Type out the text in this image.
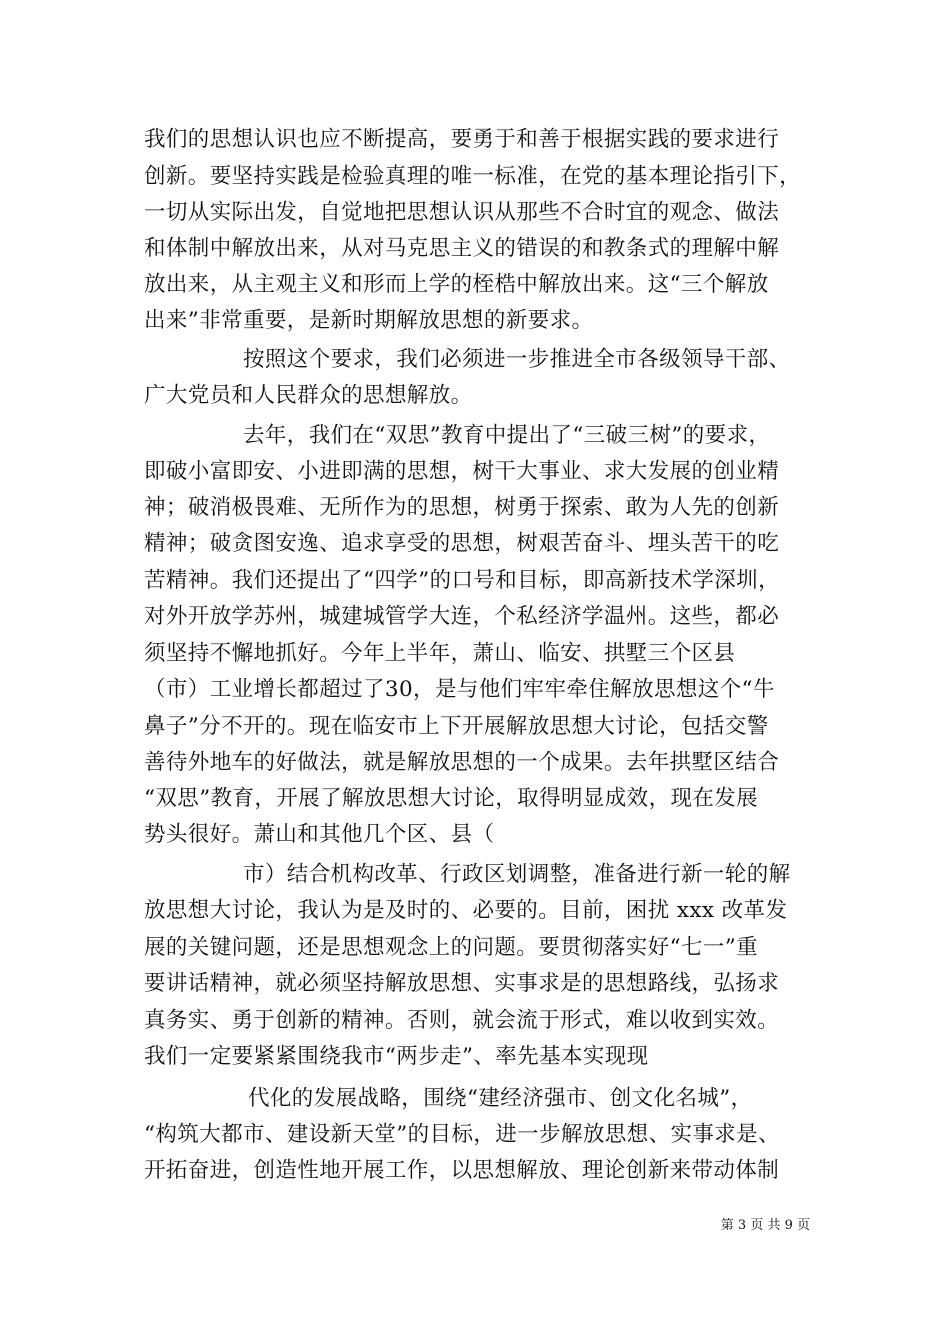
我们的思想认识也应不断提高，要勇于和善于根据实践的要求进行
创新。要坚持实践是检验真理的唯一标准，在党的基本理论指引下，
一切从实际出发，自觉地把思想认识从那些不合时宜的观念、做法
和体制中解放出来，从对马克思主义的错误的和教条式的理解中解
放出来，从主观主义和形而上学的桎梏中解放出来。这“三个解放
出来”非常重要，是新时期解放思想的新要求。
按照这个要求，我们必须进一步推进全市各级领导干部、
广大党员和人民群众的思想解放。
去年，我们在“双思”教育中提出了“三破三树”的要求，
即破小富即安、小进即满的思想，树干大事业、求大发展的创业精
神；破消极畏难、无所作为的思想，树勇于探索、敢为人先的创新
精神；破贪图安逸、追求享受的思想，树艰苦奋斗、埋头苦干的吃
苦精神。我们还提出了“四学”的口号和目标，即高新技术学深圳，
对外开放学苏州，城建城管学大连，个私经济学温州。这些，都必
须坚持不懈地抓好。今年上半年，萧山、临安、拱墅三个区县
（市）工业增长都超过了30，是与他们牢牢牵住解放思想这个“牛
鼻子”分不开的。现在临安市上下开展解放思想大讨论，包括交警
善待外地车的好做法，就是解放思想的一个成果。去年拱墅区结合
“双思”教育，开展了解放思想大讨论，取得明显成效，现在发展
势头很好。萧山和其他几个区、县（
市）结合机构改革、行政区划调整，准备进行新一轮的解
放思想大讨论，我认为是及时的、必要的。目前，困扰 xxx 改革发
展的关键问题，还是思想观念上的问题。要贯彻落实好“七一”重
要讲话精神，就必须坚持解放思想、实事求是的思想路线，弘扬求
真务实、勇于创新的精神。否则，就会流于形式，难以收到实效。
我们一定要紧紧围绕我市“两步走”、率先基本实现现
代化的发展战略，围绕“建经济强市、创文化名城”，
“构筑大都市、建设新天堂”的目标，进一步解放思想、实事求是、
开拓奋进，创造性地开展工作，以思想解放、理论创新来带动体制
第 3 页 共 9 页
